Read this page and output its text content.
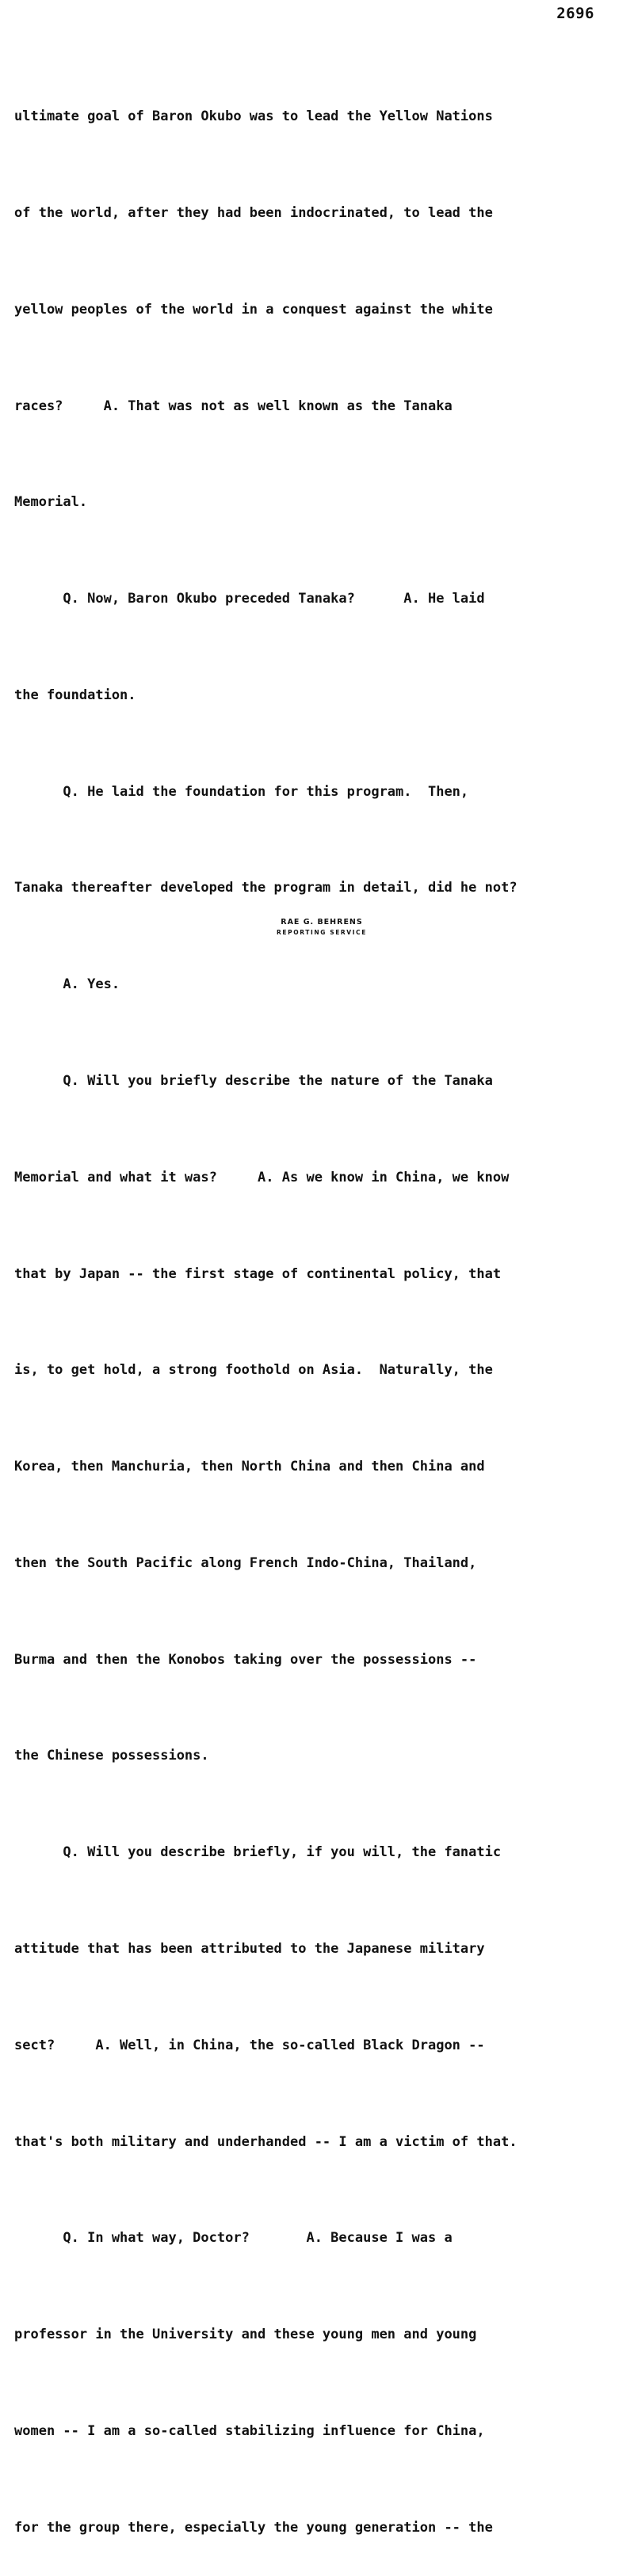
2696

ultimate goal of Baron Okubo was to lead the Yellow Nations

of the world, after they had been indocrinated, to lead the

yellow peoples of the world in a conquest against the white

races?     A. That was not as well known as the Tanaka

Memorial.

Q. Now, Baron Okubo preceded Tanaka?      A. He laid

the foundation.

Q. He laid the foundation for this program.  Then,

Tanaka thereafter developed the program in detail, did he not?

A. Yes.

Q. Will you briefly describe the nature of the Tanaka

Memorial and what it was?     A. As we know in China, we know

that by Japan -- the first stage of continental policy, that

is, to get hold, a strong foothold on Asia.  Naturally, the

Korea, then Manchuria, then North China and then China and

then the South Pacific along French Indo-China, Thailand,

Burma and then the Konobos taking over the possessions --

the Chinese possessions.

Q. Will you describe briefly, if you will, the fanatic

attitude that has been attributed to the Japanese military

sect?     A. Well, in China, the so-called Black Dragon --

that's both military and underhanded -- I am a victim of that.

Q. In what way, Doctor?       A. Because I was a

professor in the University and these young men and young

women -- I am a so-called stabilizing influence for China,

for the group there, especially the young generation -- the

RAE G. BEHRENS
REPORTING SERVICE
